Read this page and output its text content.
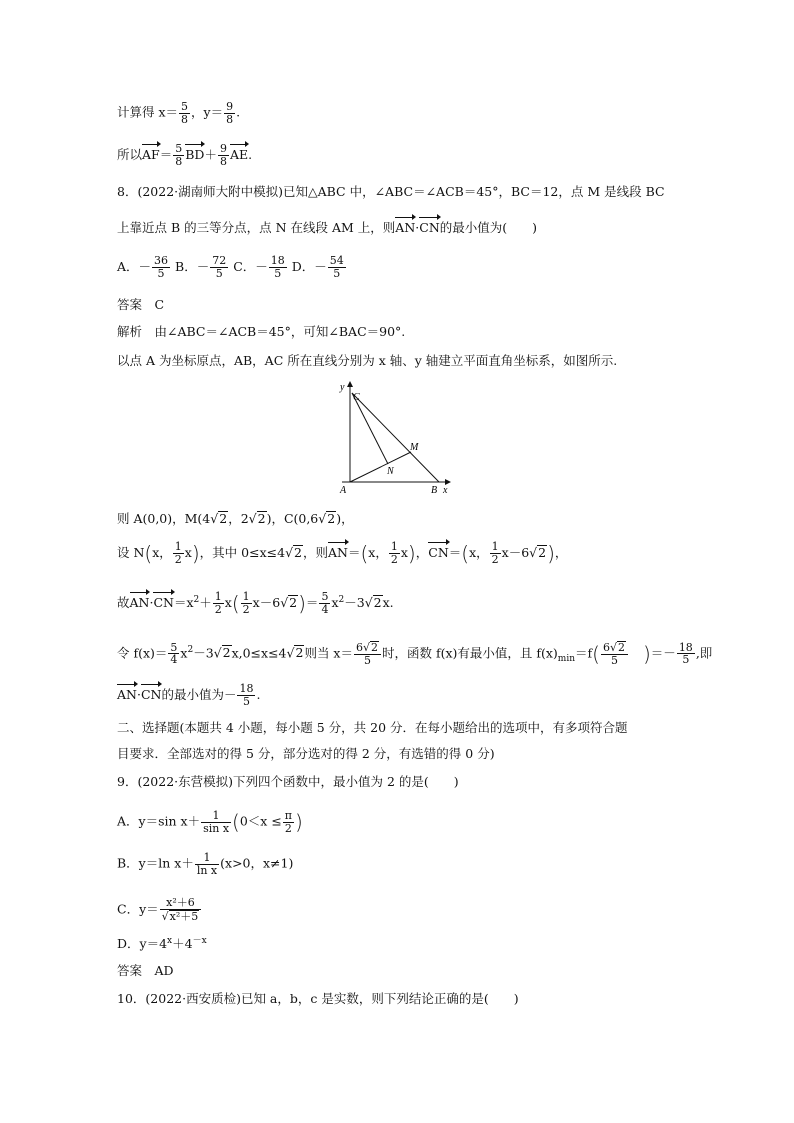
计算得 $x= \frac{5}{8}$ ，$y= \frac{9}{8}$ .
所以$AF= \frac{5}{8} BD+ \frac{9}{8}$ AE.
8．(2022·湖南师大附中模拟)已知△ABC 中，∠ABC＝∠ACB＝45°，BC＝12，点 M 是线段 BC
上靠近点 B 的三等分点，点 N 在线段 AM 上，则AN·CN的最小值为(　　)
A．－ $\frac{36}{5}$ B．－ $\frac{72}{5}$ C．－ $\frac{18}{5}$ D．－ $\frac{54}{5}$
答案　C
解析　由∠ABC＝∠ACB＝45°，可知∠BAC＝90°.
以点 A 为坐标原点，AB，AC 所在直线分别为 x 轴、y 轴建立平面直角坐标系，如图所示.
y
C
M
N
A	B x
则 A(0,0)，M(4√2，2√2)，C(0,6√2)，
设 N(x， $\frac{1}{2} x$)，其中 0≤x≤4√2，则AN＝(x， $\frac{1}{2} x$)，CN＝(x， $\frac{1}{2} x-6√2$)，
故$AN\cdot CN=x^2+ \frac{1}{2} x( \frac{1}{2} x-6√2)= \frac{5}{4} x^2-3√2x$.
令 $f(x)= \frac{5}{4} x^2-3√2x,0\le x\le 4√2$则当 $x= \frac{6√2}{5}$ 时，函数 f(x)有最小值，且 $f(x)_{min}=f( \frac{6√2}{5}$ )＝－ $\frac{18}{5}$ ,即
AN·CN的最小值为－ $\frac{18}{5}$ .
二、选择题(本题共 4 小题，每小题 5 分，共 20 分．在每小题给出的选项中，有多项符合题
目要求．全部选对的得 5 分，部分选对的得 2 分，有选错的得 0 分)
9．(2022·东营模拟)下列四个函数中，最小值为 2 的是(　　)
A．y＝sin $x+ \frac{1}{\text{sin x}} (0<x \le \frac{\pi}{2}$ )
B．y＝ln $x+ \frac{1}{\text{ln x}} (x>0$，x≠1)
C．$y= \frac{\text{x²＋6}}{\text{√x²＋5}}$
D．$y=4^x+4^{-x}$
答案　AD
10．(2022·西安质检)已知 a，b，c 是实数，则下列结论正确的是(　　)
